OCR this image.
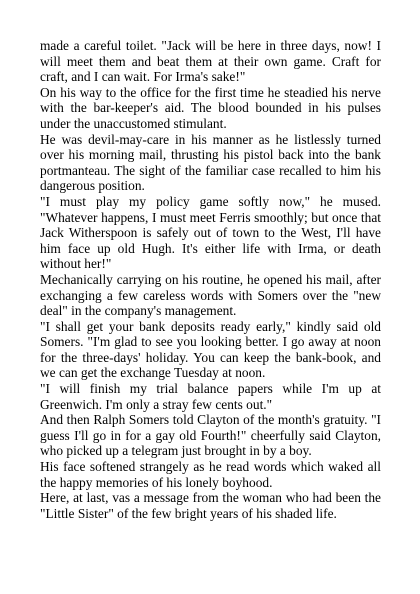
made a careful toilet. "Jack will be here in three days, now! I will meet them and beat them at their own game. Craft for craft, and I can wait. For Irma's sake!"

On his way to the office for the first time he steadied his nerve with the bar-keeper's aid. The blood bounded in his pulses under the unaccustomed stimulant.

He was devil-may-care in his manner as he listlessly turned over his morning mail, thrusting his pistol back into the bank portmanteau. The sight of the familiar case recalled to him his dangerous position.

"I must play my policy game softly now," he mused. "Whatever happens, I must meet Ferris smoothly; but once that Jack Witherspoon is safely out of town to the West, I'll have him face up old Hugh. It's either life with Irma, or death without her!"

Mechanically carrying on his routine, he opened his mail, after exchanging a few careless words with Somers over the "new deal" in the company's management.

"I shall get your bank deposits ready early," kindly said old Somers. "I'm glad to see you looking better. I go away at noon for the three-days' holiday. You can keep the bank-book, and we can get the exchange Tuesday at noon.

"I will finish my trial balance papers while I'm up at Greenwich. I'm only a stray few cents out."

And then Ralph Somers told Clayton of the month's gratuity. "I guess I'll go in for a gay old Fourth!" cheerfully said Clayton, who picked up a telegram just brought in by a boy.

His face softened strangely as he read words which waked all the happy memories of his lonely boyhood.

Here, at last, vas a message from the woman who had been the "Little Sister" of the few bright years of his shaded life.
